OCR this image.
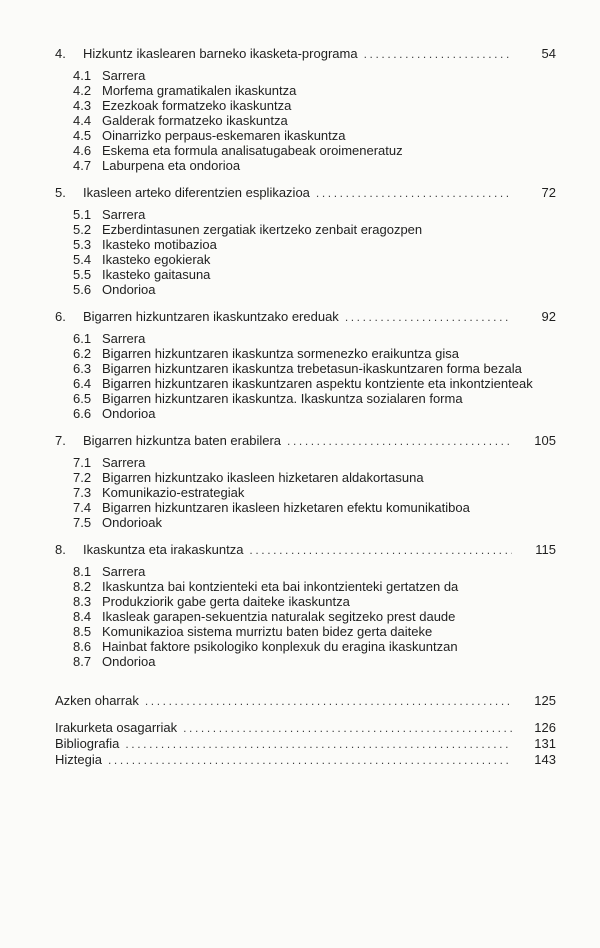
4.	Hizkuntz ikaslearen barneko ikasketa-programa .....	54
4.1 Sarrera
4.2 Morfema gramatikalen ikaskuntza
4.3 Ezezkoak formatzeko ikaskuntza
4.4 Galderak formatzeko ikaskuntza
4.5 Oinarrizko perpaus-eskemaren ikaskuntza
4.6 Eskema eta formula analisatugabeak oroimeneratuz
4.7 Laburpena eta ondorioa
5.	Ikasleen arteko diferentzien esplikazioa .....	72
5.1 Sarrera
5.2 Ezberdintasunen zergatiak ikertzeko zenbait eragozpen
5.3 Ikasteko motibazioa
5.4 Ikasteko egokierak
5.5 Ikasteko gaitasuna
5.6 Ondorioa
6.	Bigarren hizkuntzaren ikaskuntzako ereduak .....	92
6.1 Sarrera
6.2 Bigarren hizkuntzaren ikaskuntza sormenezko eraikuntza gisa
6.3 Bigarren hizkuntzaren ikaskuntza trebetasun-ikaskuntzaren forma bezala
6.4 Bigarren hizkuntzaren ikaskuntzaren aspektu kontziente eta inkontzienteak
6.5 Bigarren hizkuntzaren ikaskuntza. Ikaskuntza sozialaren forma
6.6 Ondorioa
7.	Bigarren hizkuntza baten erabilera .....	105
7.1 Sarrera
7.2 Bigarren hizkuntzako ikasleen hizketaren aldakortasuna
7.3 Komunikazio-estrategiak
7.4 Bigarren hizkuntzaren ikasleen hizketaren efektu komunikatiboa
7.5 Ondorioak
8.	Ikaskuntza eta irakaskuntza .....	115
8.1 Sarrera
8.2 Ikaskuntza bai kontzienteki eta bai inkontzienteki gertatzen da
8.3 Produkziorik gabe gerta daiteke ikaskuntza
8.4 Ikasleak garapen-sekuentzia naturalak segitzeko prest daude
8.5 Komunikazioa sistema murriztu baten bidez gerta daiteke
8.6 Hainbat faktore psikologiko konplexuk du eragina ikaskuntzan
8.7 Ondorioa
Azken oharrak .....	125
Irakurketa osagarriak .....	126
Bibliografia .....	131
Hiztegia .....	143
